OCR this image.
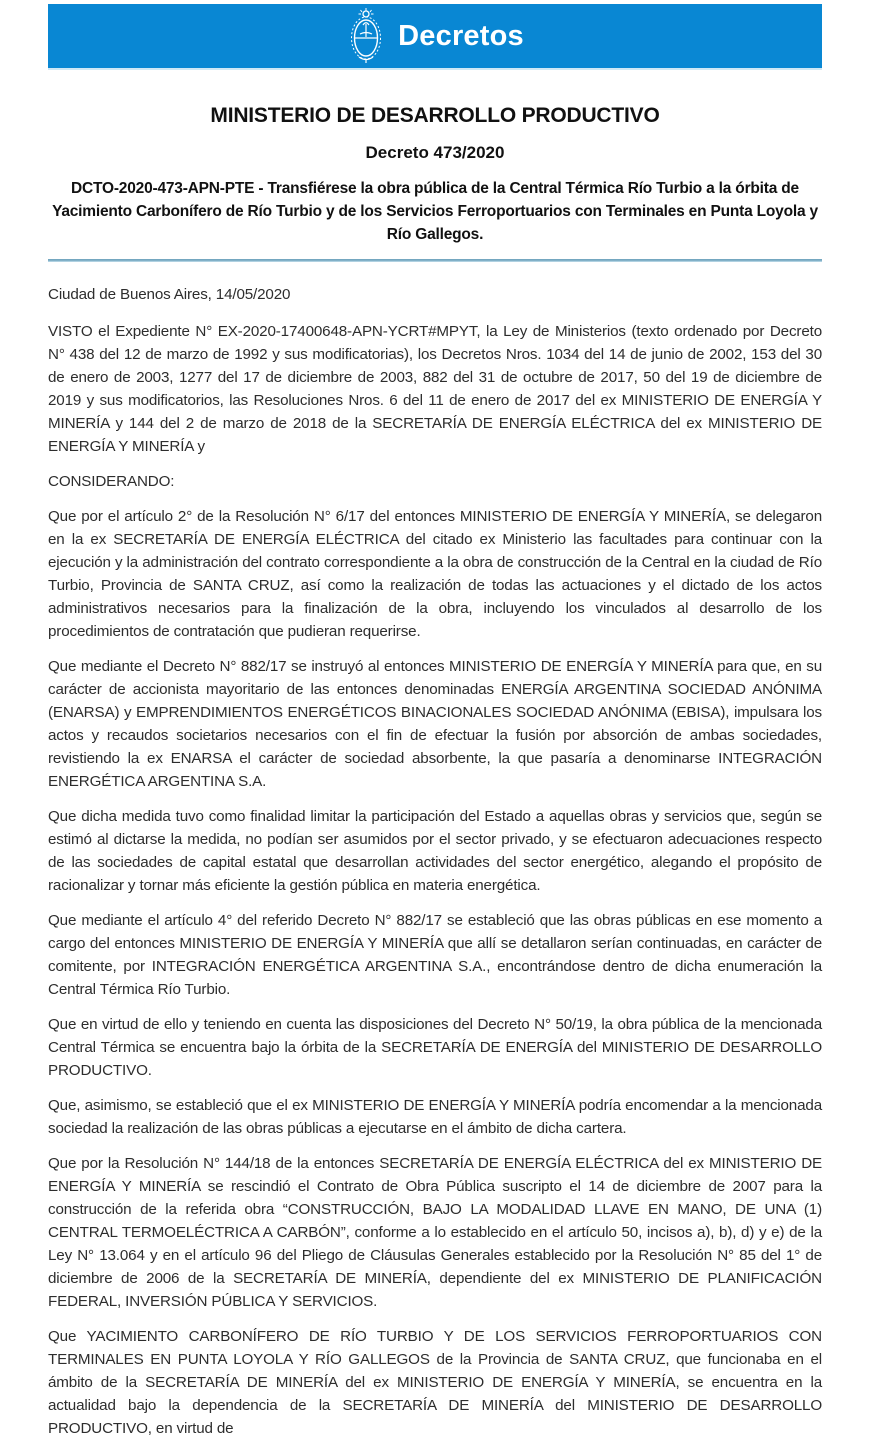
Decretos
MINISTERIO DE DESARROLLO PRODUCTIVO
Decreto 473/2020
DCTO-2020-473-APN-PTE - Transfiérese la obra pública de la Central Térmica Río Turbio a la órbita de Yacimiento Carbonífero de Río Turbio y de los Servicios Ferroportuarios con Terminales en Punta Loyola y Río Gallegos.

Ciudad de Buenos Aires, 14/05/2020

VISTO el Expediente N° EX-2020-17400648-APN-YCRT#MPYT, la Ley de Ministerios (texto ordenado por Decreto N° 438 del 12 de marzo de 1992 y sus modificatorias), los Decretos Nros. 1034 del 14 de junio de 2002, 153 del 30 de enero de 2003, 1277 del 17 de diciembre de 2003, 882 del 31 de octubre de 2017, 50 del 19 de diciembre de 2019 y sus modificatorios, las Resoluciones Nros. 6 del 11 de enero de 2017 del ex MINISTERIO DE ENERGÍA Y MINERÍA y 144 del 2 de marzo de 2018 de la SECRETARÍA DE ENERGÍA ELÉCTRICA del ex MINISTERIO DE ENERGÍA Y MINERÍA y

CONSIDERANDO:

Que por el artículo 2° de la Resolución N° 6/17 del entonces MINISTERIO DE ENERGÍA Y MINERÍA, se delegaron en la ex SECRETARÍA DE ENERGÍA ELÉCTRICA del citado ex Ministerio las facultades para continuar con la ejecución y la administración del contrato correspondiente a la obra de construcción de la Central en la ciudad de Río Turbio, Provincia de SANTA CRUZ, así como la realización de todas las actuaciones y el dictado de los actos administrativos necesarios para la finalización de la obra, incluyendo los vinculados al desarrollo de los procedimientos de contratación que pudieran requerirse.

Que mediante el Decreto N° 882/17 se instruyó al entonces MINISTERIO DE ENERGÍA Y MINERÍA para que, en su carácter de accionista mayoritario de las entonces denominadas ENERGÍA ARGENTINA SOCIEDAD ANÓNIMA (ENARSA) y EMPRENDIMIENTOS ENERGÉTICOS BINACIONALES SOCIEDAD ANÓNIMA (EBISA), impulsara los actos y recaudos societarios necesarios con el fin de efectuar la fusión por absorción de ambas sociedades, revistiendo la ex ENARSA el carácter de sociedad absorbente, la que pasaría a denominarse INTEGRACIÓN ENERGÉTICA ARGENTINA S.A.

Que dicha medida tuvo como finalidad limitar la participación del Estado a aquellas obras y servicios que, según se estimó al dictarse la medida, no podían ser asumidos por el sector privado, y se efectuaron adecuaciones respecto de las sociedades de capital estatal que desarrollan actividades del sector energético, alegando el propósito de racionalizar y tornar más eficiente la gestión pública en materia energética.

Que mediante el artículo 4° del referido Decreto N° 882/17 se estableció que las obras públicas en ese momento a cargo del entonces MINISTERIO DE ENERGÍA Y MINERÍA que allí se detallaron serían continuadas, en carácter de comitente, por INTEGRACIÓN ENERGÉTICA ARGENTINA S.A., encontrándose dentro de dicha enumeración la Central Térmica Río Turbio.

Que en virtud de ello y teniendo en cuenta las disposiciones del Decreto N° 50/19, la obra pública de la mencionada Central Térmica se encuentra bajo la órbita de la SECRETARÍA DE ENERGÍA del MINISTERIO DE DESARROLLO PRODUCTIVO.

Que, asimismo, se estableció que el ex MINISTERIO DE ENERGÍA Y MINERÍA podría encomendar a la mencionada sociedad la realización de las obras públicas a ejecutarse en el ámbito de dicha cartera.

Que por la Resolución N° 144/18 de la entonces SECRETARÍA DE ENERGÍA ELÉCTRICA del ex MINISTERIO DE ENERGÍA Y MINERÍA se rescindió el Contrato de Obra Pública suscripto el 14 de diciembre de 2007 para la construcción de la referida obra “CONSTRUCCIÓN, BAJO LA MODALIDAD LLAVE EN MANO, DE UNA (1) CENTRAL TERMOELÉCTRICA A CARBÓN”, conforme a lo establecido en el artículo 50, incisos a), b), d) y e) de la Ley N° 13.064 y en el artículo 96 del Pliego de Cláusulas Generales establecido por la Resolución N° 85 del 1° de diciembre de 2006 de la SECRETARÍA DE MINERÍA, dependiente del ex MINISTERIO DE PLANIFICACIÓN FEDERAL, INVERSIÓN PÚBLICA Y SERVICIOS.

Que YACIMIENTO CARBONÍFERO DE RÍO TURBIO Y DE LOS SERVICIOS FERROPORTUARIOS CON TERMINALES EN PUNTA LOYOLA Y RÍO GALLEGOS de la Provincia de SANTA CRUZ, que funcionaba en el ámbito de la SECRETARÍA DE MINERÍA del ex MINISTERIO DE ENERGÍA Y MINERÍA, se encuentra en la actualidad bajo la dependencia de la SECRETARÍA DE MINERÍA del MINISTERIO DE DESARROLLO PRODUCTIVO, en virtud de
